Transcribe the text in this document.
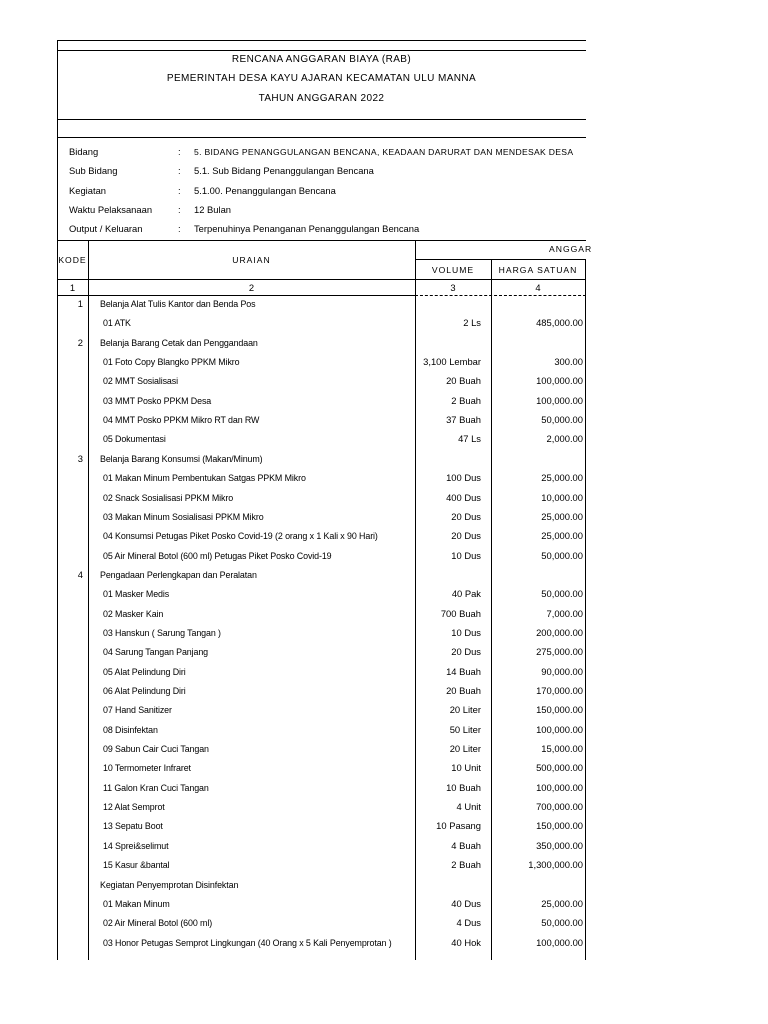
RENCANA ANGGARAN BIAYA (RAB)
PEMERINTAH DESA KAYU AJARAN KECAMATAN ULU MANNA
TAHUN ANGGARAN 2022
Bidang	: 5. BIDANG PENANGGULANGAN BENCANA, KEADAAN DARURAT DAN MENDESAK DESA
Sub Bidang	: 5.1. Sub Bidang Penanggulangan Bencana
Kegiatan	: 5.1.00. Penanggulangan Bencana
Waktu Pelaksanaan	: 12 Bulan
Output / Keluaran	: Terpenuhinya Penanganan Penanggulangan Bencana
KODE	URAIAN
ANGGAR
VOLUME	HARGA SATUAN
1	2	3	4
1 Belanja Alat Tulis Kantor dan Benda Pos
01 ATK	2 Ls	485,000.00
2 Belanja Barang Cetak dan Penggandaan
01 Foto Copy Blangko PPKM Mikro	3,100 Lembar	300.00
02 MMT Sosialisasi	20 Buah	100,000.00
03 MMT Posko PPKM Desa	2 Buah	100,000.00
04 MMT Posko PPKM Mikro RT dan RW	37 Buah	50,000.00
05 Dokumentasi	47 Ls	2,000.00
3 Belanja Barang Konsumsi (Makan/Minum)
01 Makan Minum Pembentukan Satgas PPKM Mikro	100 Dus	25,000.00
02 Snack Sosialisasi PPKM Mikro	400 Dus	10,000.00
03 Makan Minum Sosialisasi PPKM Mikro	20 Dus	25,000.00
04 Konsumsi Petugas Piket Posko Covid-19 (2 orang x 1 Kali x 90 Hari)	20 Dus	25,000.00
05 Air Mineral Botol (600 ml) Petugas Piket Posko Covid-19	10 Dus	50,000.00
4 Pengadaan Perlengkapan dan Peralatan
01 Masker Medis	40 Pak	50,000.00
02 Masker Kain	700 Buah	7,000.00
03 Hanskun ( Sarung Tangan )	10 Dus	200,000.00
04 Sarung Tangan Panjang	20 Dus	275,000.00
05 Alat Pelindung Diri	14 Buah	90,000.00
06 Alat Pelindung Diri	20 Buah	170,000.00
07 Hand Sanitizer	20 Liter	150,000.00
08 Disinfektan	50 Liter	100,000.00
09 Sabun Cair Cuci Tangan	20 Liter	15,000.00
10 Termometer Infraret	10 Unit	500,000.00
11 Galon Kran Cuci Tangan	10 Buah	100,000.00
12 Alat Semprot	4 Unit	700,000.00
13 Sepatu Boot	10 Pasang	150,000.00
14 Sprei&selimut	4 Buah	350,000.00
15 Kasur &bantal	2 Buah	1,300,000.00
Kegiatan Penyemprotan Disinfektan
01 Makan Minum	40 Dus	25,000.00
02 Air Mineral Botol (600 ml)	4 Dus	50,000.00
03 Honor Petugas Semprot Lingkungan (40 Orang x 5 Kali Penyemprotan )	40 Hok	100,000.00
